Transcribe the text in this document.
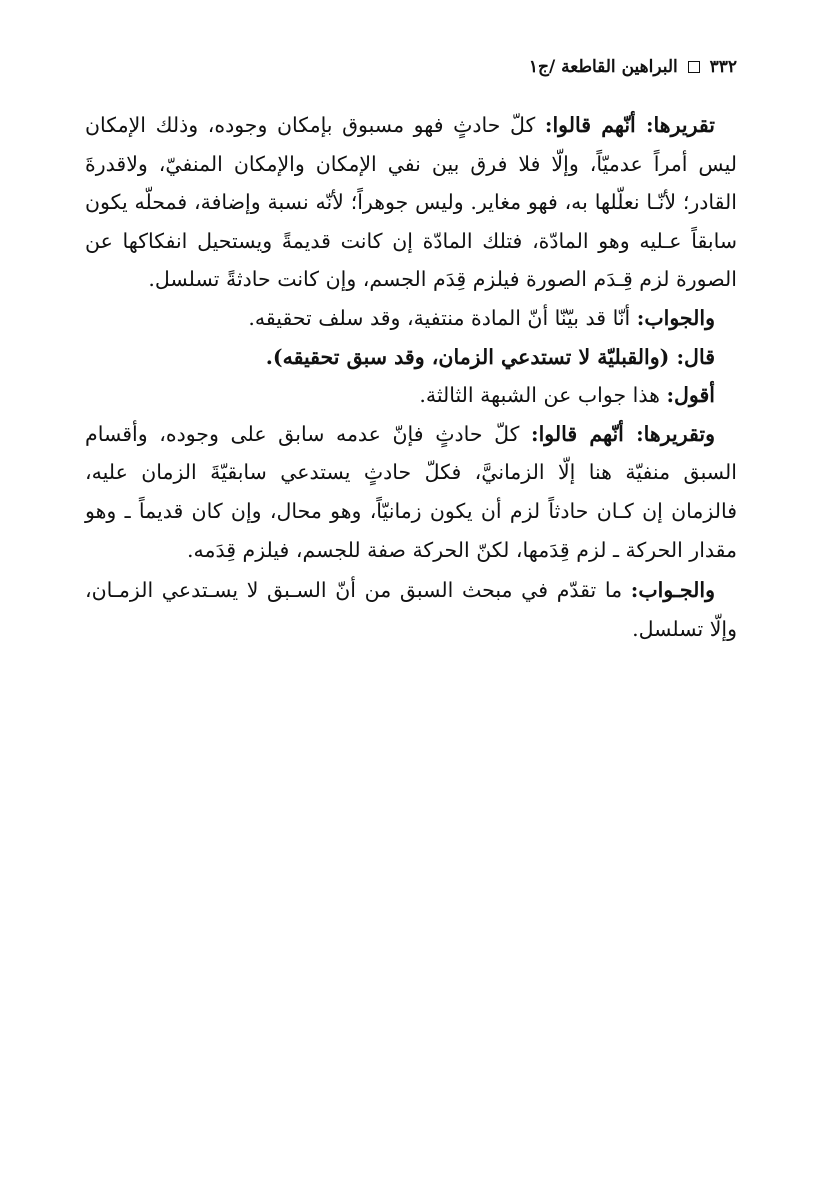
٣٣٢  البراهين القاطعة /ج١

تقريرها: أنّهم قالوا: كلّ حادثٍ فهو مسبوق بإمكان وجوده، وذلك الإمكان ليس أمراً عدميّاً، وإلّا فلا فرق بين نفي الإمكان والإمكان المنفيّ، ولاقدرةَ القادر؛ لأنّـا نعلّلها به، فهو مغاير. وليس جوهراً؛ لأنّه نسبة وإضافة، فمحلّه يكون سابقاً عـليه وهو المادّة، فتلك المادّة إن كانت قديمةً ويستحيل انفكاكها عن الصورة لزم قِـدَم الصورة فيلزم قِدَم الجسم، وإن كانت حادثةً تسلسل.

والجواب: أنّا قد بيّنّا أنّ المادة منتفية، وقد سلف تحقيقه.

قال: (والقبليّة لا تستدعي الزمان، وقد سبق تحقيقه).

أقول: هذا جواب عن الشبهة الثالثة.

وتقريرها: أنّهم قالوا: كلّ حادثٍ فإنّ عدمه سابق على وجوده، وأقسام السبق منفيّة هنا إلّا الزمانيَّ، فكلّ حادثٍ يستدعي سابقيّةَ الزمان عليه، فالزمان إن كـان حادثاً لزم أن يكون زمانيّاً، وهو محال، وإن كان قديماً ـ وهو مقدار الحركة ـ لزم قِدَمها، لكنّ الحركة صفة للجسم، فيلزم قِدَمه.

والجـواب: ما تقدّم في مبحث السبق من أنّ السـبق لا يسـتدعي الزمـان، وإلّا تسلسل.
